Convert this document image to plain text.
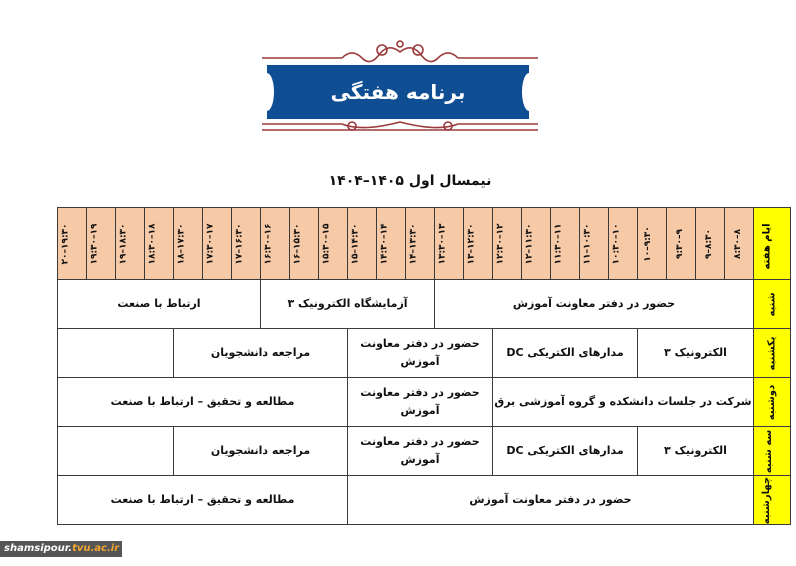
برنامه هفتگی
نیمسال اول ۱۴۰۵–۱۴۰۴
ایام هفته	۸–۸:۳۰	۸:۳۰–۹	۹–۹:۳۰	۹:۳۰–۱۰	۱۰–۱۰:۳۰	۱۰:۳۰–۱۱	۱۱–۱۱:۳۰	۱۱:۳۰–۱۲	۱۲–۱۲:۳۰	۱۲:۳۰–۱۳	۱۳–۱۳:۳۰	۱۳:۳۰–۱۴	۱۴–۱۴:۳۰	۱۴:۳۰–۱۵	۱۵–۱۵:۳۰	۱۵:۳۰–۱۶	۱۶–۱۶:۳۰	۱۶:۳۰–۱۷	۱۷–۱۷:۳۰	۱۷:۳۰–۱۸	۱۸–۱۸:۳۰	۱۸:۳۰–۱۹	۱۹–۱۹:۳۰	۱۹:۳۰–۲۰
شنبه	حضور در دفتر معاونت آموزش											آزمایشگاه الکترونیک ۳						ارتباط با صنعت						
یکشنبه	الکترونیک ۳				مدارهای الکتریکی DC					حضور در دفتر معاونت آموزش					مراجعه دانشجویان									
دوشنبه	شرکت در جلسات دانشکده و گروه آموزشی برق									حضور در دفتر معاونت آموزش					مطالعه و تحقیق – ارتباط با صنعت									
سه شنبه	الکترونیک ۳				مدارهای الکتریکی DC					حضور در دفتر معاونت آموزش					مراجعه دانشجویان									
چهارشنبه	حضور در دفتر معاونت آموزش														مطالعه و تحقیق – ارتباط با صنعت									
shamsipour.tvu.ac.ir
